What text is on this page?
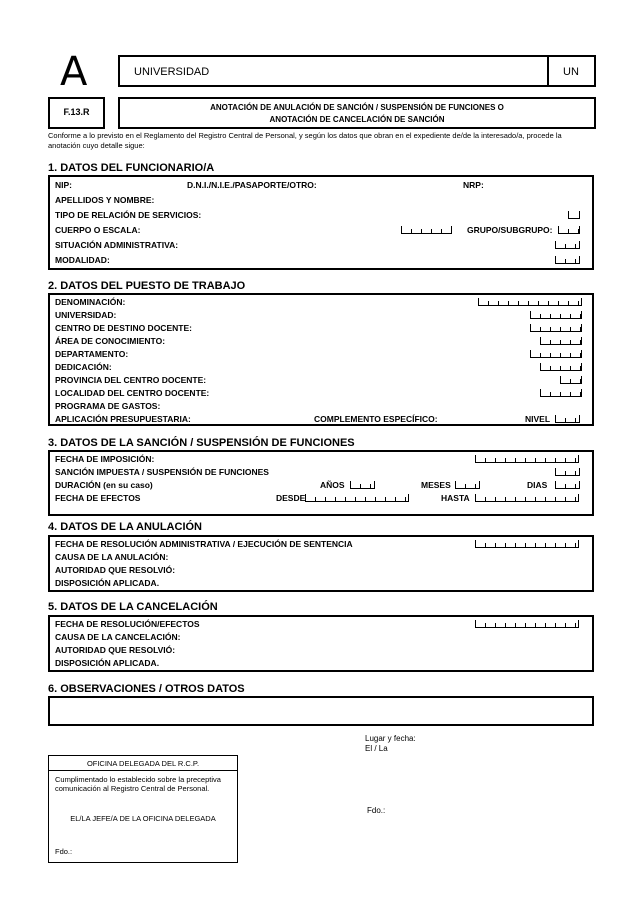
A	UNIVERSIDAD	UN
F.13.R	ANOTACIÓN DE ANULACIÓN DE SANCIÓN / SUSPENSIÓN DE FUNCIONES O
ANOTACIÓN DE CANCELACIÓN DE SANCIÓN
Conforme a lo previsto en el Reglamento del Registro Central de Personal, y según los datos que obran en el expediente de/de la interesado/a, procede la
anotación cuyo detalle sigue:
1. DATOS DEL FUNCIONARIO/A
NIP:	D.N.I./N.I.E./PASAPORTE/OTRO:	NRP:
APELLIDOS Y NOMBRE:
TIPO DE RELACIÓN DE SERVICIOS:
CUERPO O ESCALA:	GRUPO/SUBGRUPO:
SITUACIÓN ADMINISTRATIVA:
MODALIDAD:
2. DATOS DEL PUESTO DE TRABAJO
DENOMINACIÓN:
UNIVERSIDAD:
CENTRO DE DESTINO DOCENTE:
ÁREA DE CONOCIMIENTO:
DEPARTAMENTO:
DEDICACIÓN:
PROVINCIA DEL CENTRO DOCENTE:
LOCALIDAD DEL CENTRO DOCENTE:
PROGRAMA DE GASTOS:
APLICACIÓN PRESUPUESTARIA:	COMPLEMENTO ESPECÍFICO:	NIVEL
3. DATOS DE LA SANCIÓN / SUSPENSIÓN DE FUNCIONES
FECHA DE IMPOSICIÓN:
SANCIÓN IMPUESTA / SUSPENSIÓN DE FUNCIONES
DURACIÓN (en su caso)	AÑOS	MESES	DIAS
FECHA DE EFECTOS	DESDE	HASTA
4. DATOS DE LA ANULACIÓN
FECHA DE RESOLUCIÓN ADMINISTRATIVA / EJECUCIÓN DE SENTENCIA
CAUSA DE LA ANULACIÓN:
AUTORIDAD QUE RESOLVIÓ:
DISPOSICIÓN APLICADA.
5. DATOS DE LA CANCELACIÓN
FECHA DE RESOLUCIÓN/EFECTOS
CAUSA DE LA CANCELACIÓN:
AUTORIDAD QUE RESOLVIÓ:
DISPOSICIÓN APLICADA.
6. OBSERVACIONES / OTROS DATOS
Lugar y fecha:
El / La
Fdo.:
OFICINA DELEGADA DEL R.C.P.
Cumplimentado lo establecido sobre la preceptiva
comunicación al Registro Central de Personal.
EL/LA JEFE/A DE LA OFICINA DELEGADA
Fdo.:
